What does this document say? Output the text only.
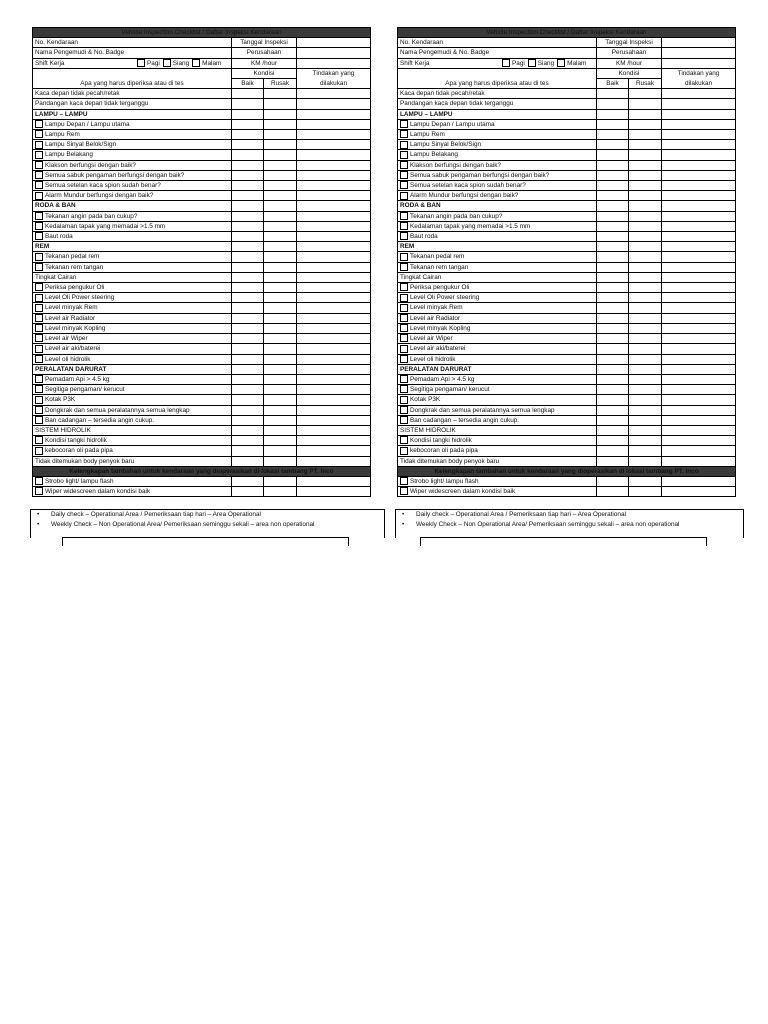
Vehicle Inspection Checklist / Daftar Inspeksi Kendaraan			
No. Kendaraan	Tanggal Inspeksi		
Nama Pengemudi & No. Badge	Perusahaan		
Shift Kerja Pagi Siang Malam	KM /hour		
Apa yang harus diperiksa atau di tes	Kondisi		Tindakan yang dilakukan
	Baik	Rusak	
Kaca depan tidak pecah/retak			
Pandangan kaca depan tidak terganggu			
LAMPU – LAMPU			
Lampu Depan / Lampu utama			
Lampu Rem			
Lampu Sinyal Belok/Sign			
Lampu Belakang			
Klakson berfungsi dengan baik?			
Semua sabuk pengaman berfungsi dengan baik?			
Semua setelan kaca spion sudah benar?			
Alarm Mundur berfungsi dengan baik?			
RODA & BAN			
Tekanan angin pada ban cukup?			
Kedalaman tapak yang memadai >1.5 mm			
Baut roda			
REM			
Tekanan pedal rem			
Tekanan rem tangan			
Tingkat Cairan			
Periksa pengukur Oli			
Level Oli Power steering			
Level minyak Rem			
Level air Radiator			
Level minyak Kopling			
Level air Wiper			
Level air aki/baterei			
Level oli hidrolik			
PERALATAN DARURAT			
Pemadam Api > 4.5 kg			
Segitiga pengaman/ kerucut			
Kotak P3K			
Dongkrak dan semua peralatannya semua lengkap			
Ban cadangan – tersedia angin cukup.			
SISTEM HIDROLIK			
Kondisi tangki hidrolik			
kebocoran oli pada pipa			
Tidak ditemukan body penyok baru			
Kelengkapan tambahan untuk kendaraan yang dioperasikan di lokasi tambang PT. Inco			
Strobo light/ lampu flash			
Wiper widescreen dalam kondisi baik			
Vehicle Inspection Checklist / Daftar Inspeksi Kendaraan			
No. Kendaraan	Tanggal Inspeksi		
Nama Pengemudi & No. Badge	Perusahaan		
Shift Kerja Pagi Siang Malam	KM /hour		
Apa yang harus diperiksa atau di tes	Kondisi		Tindakan yang dilakukan
	Baik	Rusak	
Kaca depan tidak pecah/retak			
Pandangan kaca depan tidak terganggu			
LAMPU – LAMPU			
Lampu Depan / Lampu utama			
Lampu Rem			
Lampu Sinyal Belok/Sign			
Lampu Belakang			
Klakson berfungsi dengan baik?			
Semua sabuk pengaman berfungsi dengan baik?			
Semua setelan kaca spion sudah benar?			
Alarm Mundur berfungsi dengan baik?			
RODA & BAN			
Tekanan angin pada ban cukup?			
Kedalaman tapak yang memadai >1.5 mm			
Baut roda			
REM			
Tekanan pedal rem			
Tekanan rem tangan			
Tingkat Cairan			
Periksa pengukur Oli			
Level Oli Power steering			
Level minyak Rem			
Level air Radiator			
Level minyak Kopling			
Level air Wiper			
Level air aki/baterei			
Level oli hidrolik			
PERALATAN DARURAT			
Pemadam Api > 4.5 kg			
Segitiga pengaman/ kerucut			
Kotak P3K			
Dongkrak dan semua peralatannya semua lengkap			
Ban cadangan – tersedia angin cukup.			
SISTEM HIDROLIK			
Kondisi tangki hidrolik			
kebocoran oli pada pipa			
Tidak ditemukan body penyok baru			
Kelengkapan tambahan untuk kendaraan yang dioperasikan di lokasi tambang PT. Inco			
Strobo light/ lampu flash			
Wiper widescreen dalam kondisi baik			
• Daily check – Operational Area / Pemeriksaan tiap hari – Area Operational
• Weekly Check – Non Operational Area/ Pemeriksaan seminggu sekali – area non operational
• Daily check – Operational Area / Pemeriksaan tiap hari – Area Operational
• Weekly Check – Non Operational Area/ Pemeriksaan seminggu sekali – area non operational
